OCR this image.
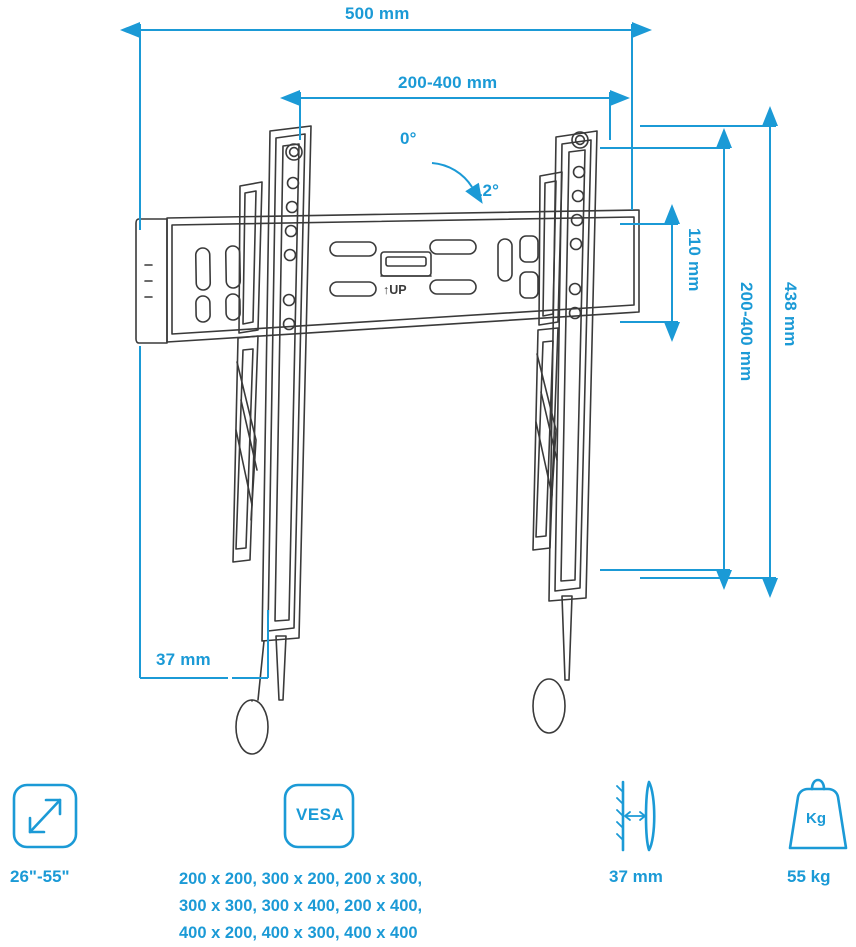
500 mm
200-400 mm
0°
-12°
110 mm
200-400 mm 438 mm
37 mm
↑UP
VESA	Kg
26"-55"	200 x 200, 300 x 200, 200 x 300,
300 x 300, 300 x 400, 200 x 400,
400 x 200, 400 x 300, 400 x 400
37 mm	55 kg
